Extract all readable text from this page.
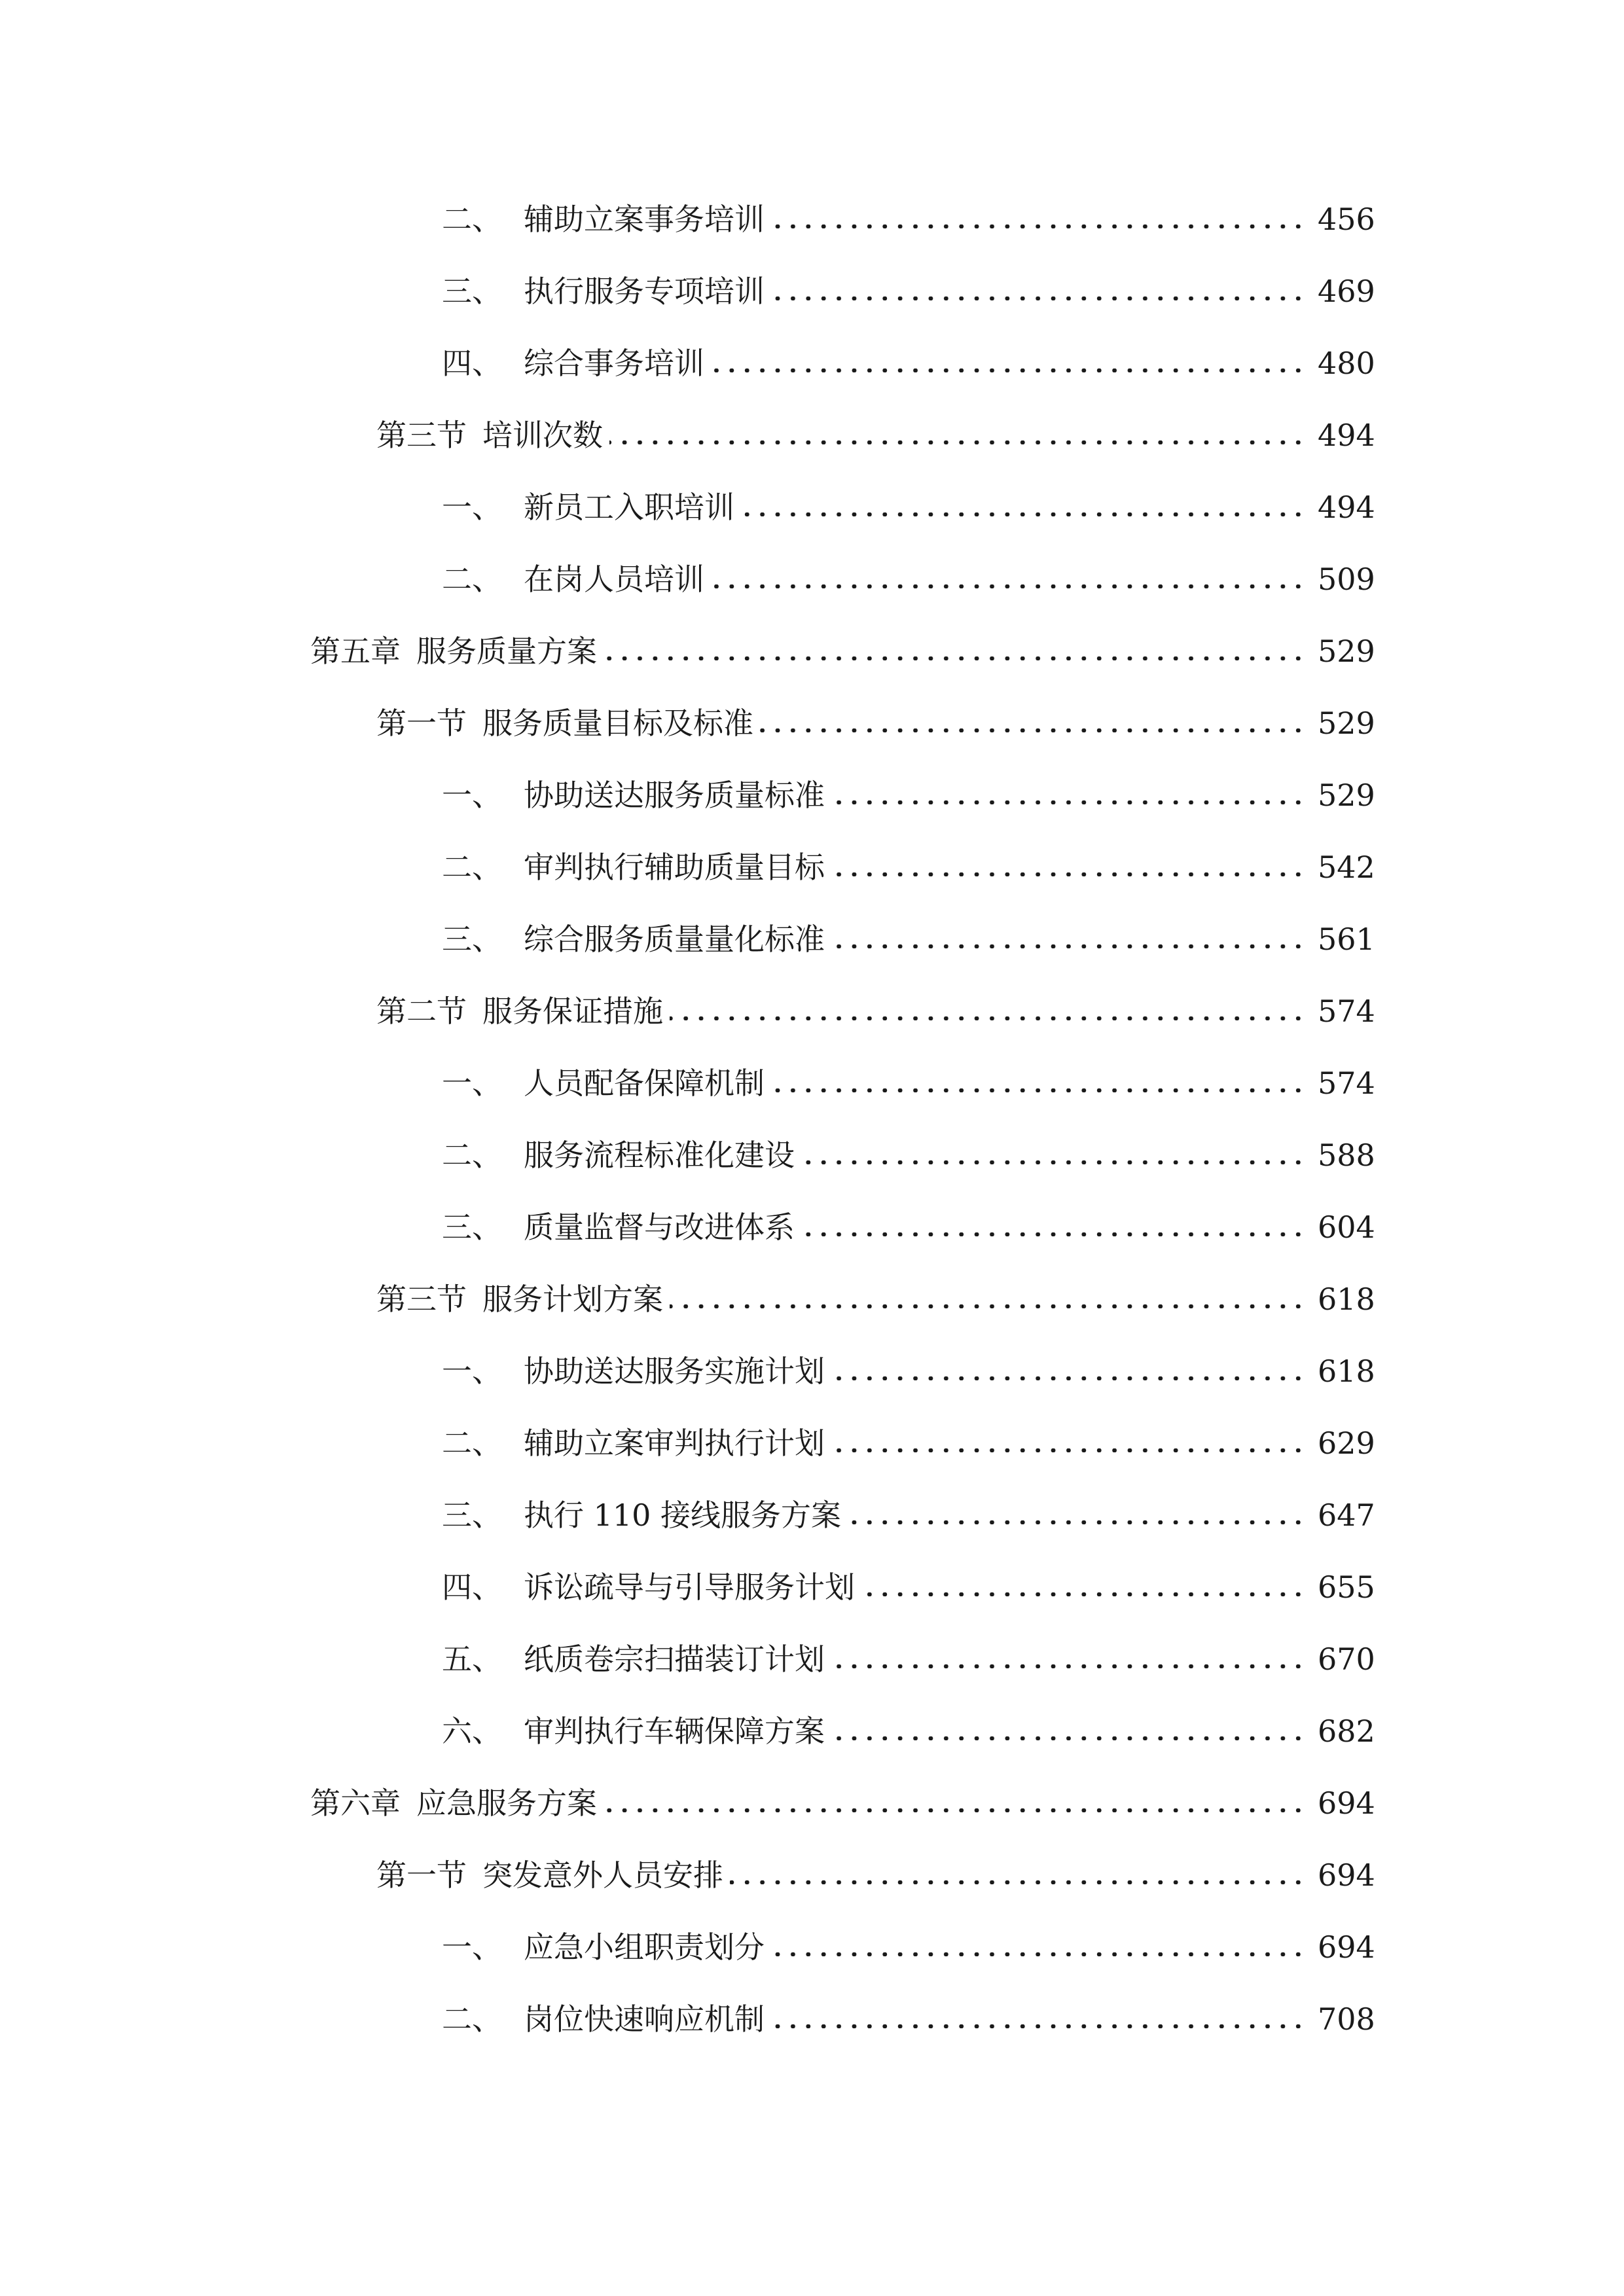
二、 辅助立案事务培训	456
三、 执行服务专项培训	469
四、 综合事务培训	480
第三节 培训次数	494
一、 新员工入职培训	494
二、 在岗人员培训	509
第五章 服务质量方案	529
第一节 服务质量目标及标准	529
一、 协助送达服务质量标准	529
二、 审判执行辅助质量目标	542
三、 综合服务质量量化标准	561
第二节 服务保证措施	574
一、 人员配备保障机制	574
二、 服务流程标准化建设	588
三、 质量监督与改进体系	604
第三节 服务计划方案	618
一、 协助送达服务实施计划	618
二、 辅助立案审判执行计划	629
三、 执行 110 接线服务方案	647
四、 诉讼疏导与引导服务计划	655
五、 纸质卷宗扫描装订计划	670
六、 审判执行车辆保障方案	682
第六章 应急服务方案	694
第一节 突发意外人员安排	694
一、 应急小组职责划分	694
二、 岗位快速响应机制	708
